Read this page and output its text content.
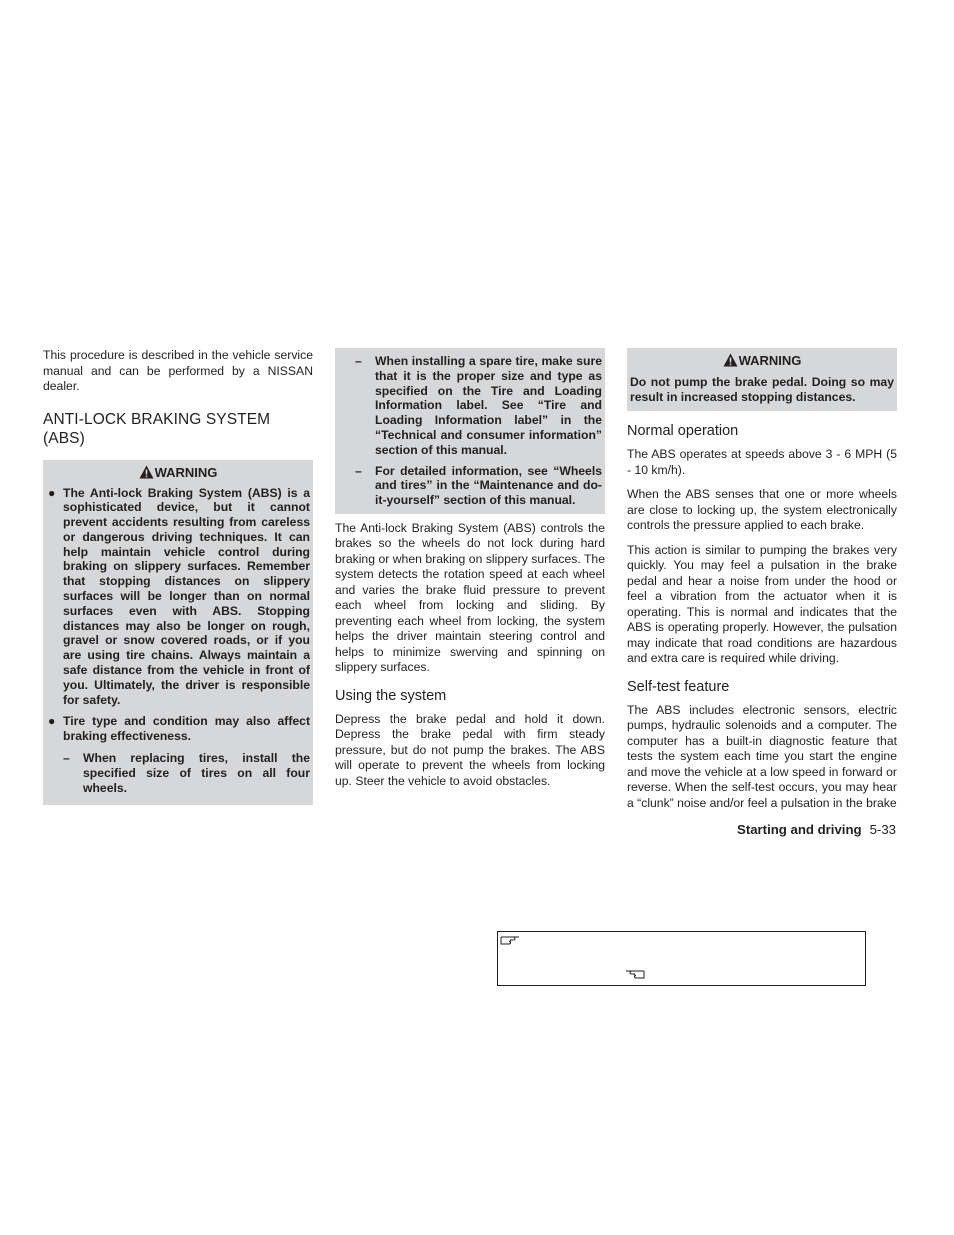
This procedure is described in the vehicle service manual and can be performed by a NISSAN dealer.

ANTI-LOCK BRAKING SYSTEM (ABS)
WARNING
● The Anti-lock Braking System (ABS) is a sophisticated device, but it cannot prevent accidents resulting from careless or dangerous driving techniques. It can help maintain vehicle control during braking on slippery surfaces. Remember that stopping distances on slippery surfaces will be longer than on normal surfaces even with ABS. Stopping distances may also be longer on rough, gravel or snow covered roads, or if you are using tire chains. Always maintain a safe distance from the vehicle in front of you. Ultimately, the driver is responsible for safety.
● Tire type and condition may also affect braking effectiveness.
–	When replacing tires, install the specified size of tires on all four wheels.
–	When installing a spare tire, make sure that it is the proper size and type as specified on the Tire and Loading Information label. See “Tire and Loading Information label” in the “Technical and consumer information” section of this manual.
–	For detailed information, see “Wheels and tires” in the “Maintenance and do-it-yourself” section of this manual.

The Anti-lock Braking System (ABS) controls the brakes so the wheels do not lock during hard braking or when braking on slippery surfaces. The system detects the rotation speed at each wheel and varies the brake fluid pressure to prevent each wheel from locking and sliding. By preventing each wheel from locking, the system helps the driver maintain steering control and helps to minimize swerving and spinning on slippery surfaces.

Using the system

Depress the brake pedal and hold it down. Depress the brake pedal with firm steady pressure, but do not pump the brakes. The ABS will operate to prevent the wheels from locking up. Steer the vehicle to avoid obstacles.

WARNING
Do not pump the brake pedal. Doing so may result in increased stopping distances.
Normal operation

The ABS operates at speeds above 3 - 6 MPH (5 - 10 km/h).

When the ABS senses that one or more wheels are close to locking up, the system electronically controls the pressure applied to each brake.

This action is similar to pumping the brakes very quickly. You may feel a pulsation in the brake pedal and hear a noise from under the hood or feel a vibration from the actuator when it is operating. This is normal and indicates that the ABS is operating properly. However, the pulsation may indicate that road conditions are hazardous and extra care is required while driving.

Self-test feature

The ABS includes electronic sensors, electric pumps, hydraulic solenoids and a computer. The computer has a built-in diagnostic feature that tests the system each time you start the engine and move the vehicle at a low speed in forward or reverse. When the self-test occurs, you may hear a “clunk” noise and/or feel a pulsation in the brake

Starting and driving 5-33
